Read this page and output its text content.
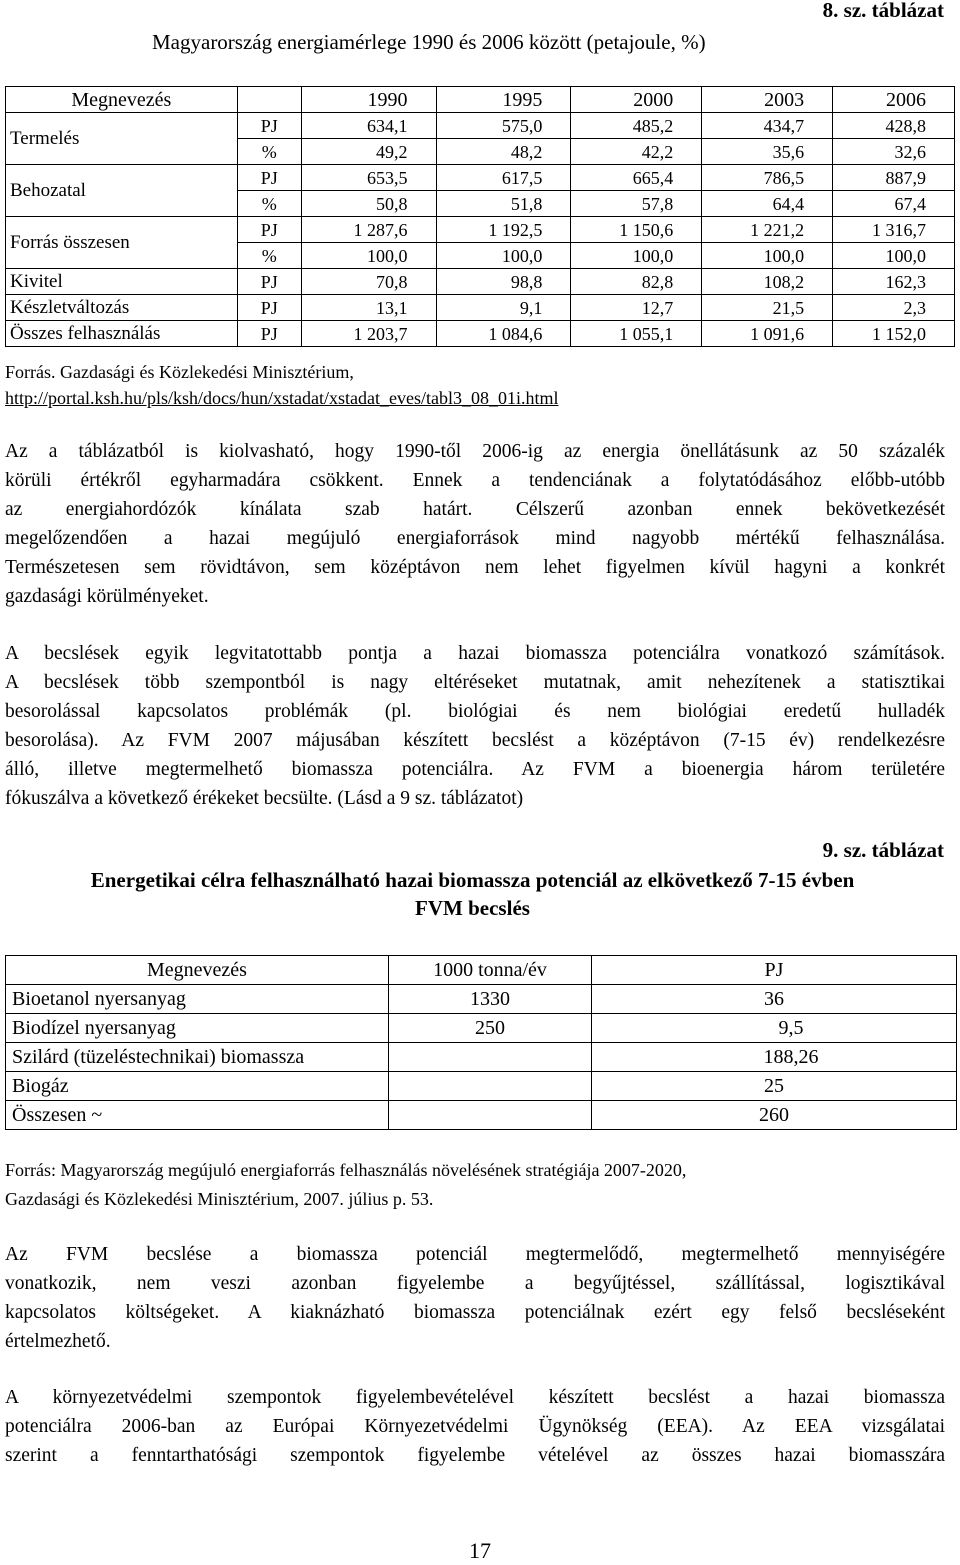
8. sz. táblázat
Magyarország energiamérlege 1990 és 2006 között (petajoule, %)
Megnevezés		1990	1995	2000	2003	2006
Termelés	PJ	634,1	575,0	485,2	434,7	428,8
	%	49,2	48,2	42,2	35,6	32,6
Behozatal	PJ	653,5	617,5	665,4	786,5	887,9
	%	50,8	51,8	57,8	64,4	67,4
Forrás összesen	PJ	1 287,6	1 192,5	1 150,6	1 221,2	1 316,7
	%	100,0	100,0	100,0	100,0	100,0
Kivitel	PJ	70,8	98,8	82,8	108,2	162,3
Készletváltozás	PJ	13,1	9,1	12,7	21,5	2,3
Összes felhasználás	PJ	1 203,7	1 084,6	1 055,1	1 091,6	1 152,0
Forrás. Gazdasági és Közlekedési Minisztérium,
http://portal.ksh.hu/pls/ksh/docs/hun/xstadat/xstadat_eves/tabl3_08_01i.html
Az a táblázatból is kiolvasható, hogy 1990-től 2006-ig az energia önellátásunk az 50 százalék
körüli értékről egyharmadára csökkent. Ennek a tendenciának a folytatódásához előbb-utóbb
az energiahordózók kínálata szab határt. Célszerű azonban ennek bekövetkezését
megelőzendően a hazai megújuló energiaforrások mind nagyobb mértékű felhasználása.
Természetesen sem rövidtávon, sem középtávon nem lehet figyelmen kívül hagyni a konkrét
gazdasági körülményeket.
A becslések egyik legvitatottabb pontja a hazai biomassza potenciálra vonatkozó számítások.
A becslések több szempontból is nagy eltéréseket mutatnak, amit nehezítenek a statisztikai
besorolással kapcsolatos problémák (pl. biológiai és nem biológiai eredetű hulladék
besorolása). Az FVM 2007 májusában készített becslést a középtávon (7-15 év) rendelkezésre
álló, illetve megtermelhető biomassza potenciálra. Az FVM a bioenergia három területére
fókuszálva a következő érékeket becsülte. (Lásd a 9 sz. táblázatot)
9. sz. táblázat
Energetikai célra felhasználható hazai biomassza potenciál az elkövetkező 7-15 évben
FVM becslés
Megnevezés	1000 tonna/év	PJ
Bioetanol nyersanyag	1330	36
Biodízel nyersanyag	250	9,5
Szilárd (tüzeléstechnikai) biomassza		188,26
Biogáz		25
Összesen ~		260
Forrás: Magyarország megújuló energiaforrás felhasználás növelésének stratégiája 2007-2020,
Gazdasági és Közlekedési Minisztérium, 2007. július p. 53.
Az FVM becslése a biomassza potenciál megtermelődő, megtermelhető mennyiségére
vonatkozik, nem veszi azonban figyelembe a begyűjtéssel, szállítással, logisztikával
kapcsolatos költségeket. A kiaknázható biomassza potenciálnak ezért egy felső becsléseként
értelmezhető.
A környezetvédelmi szempontok figyelembevételével készített becslést a hazai biomassza
potenciálra 2006-ban az Európai Környezetvédelmi Ügynökség (EEA). Az EEA vizsgálatai
szerint a fenntarthatósági szempontok figyelembe vételével az összes hazai biomasszára
17
